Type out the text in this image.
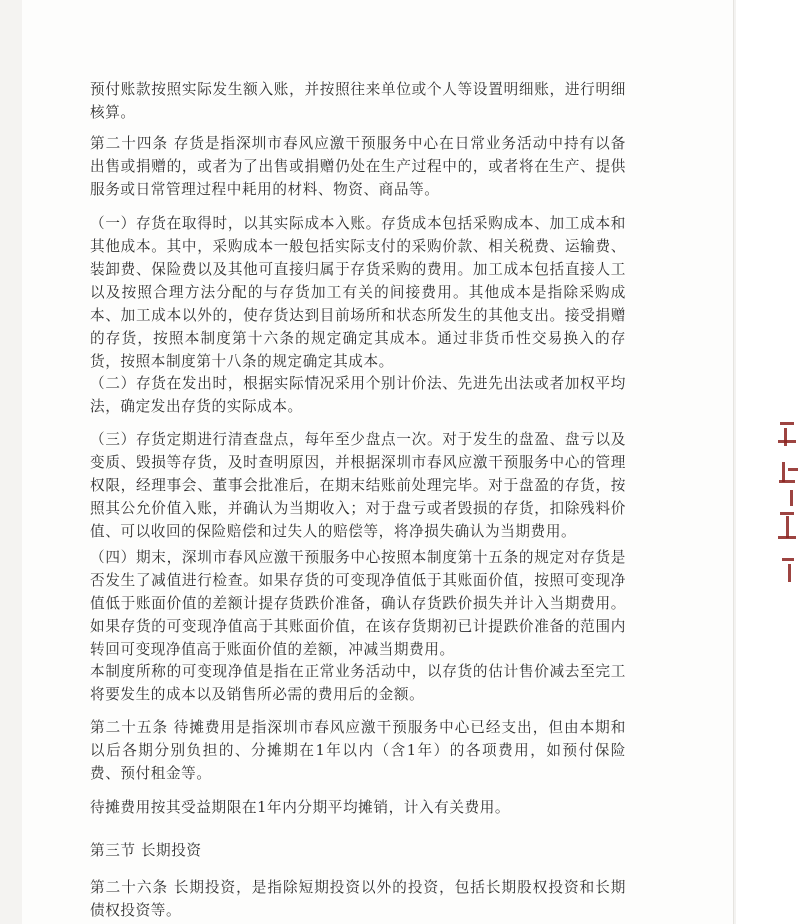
预付账款按照实际发生额入账，并按照往来单位或个人等设置明细账，进行明细核算。

第二十四条 存货是指深圳市春风应激干预服务中心在日常业务活动中持有以备出售或捐赠的，或者为了出售或捐赠仍处在生产过程中的，或者将在生产、提供服务或日常管理过程中耗用的材料、物资、商品等。

（一）存货在取得时，以其实际成本入账。存货成本包括采购成本、加工成本和其他成本。其中，采购成本一般包括实际支付的采购价款、相关税费、运输费、装卸费、保险费以及其他可直接归属于存货采购的费用。加工成本包括直接人工以及按照合理方法分配的与存货加工有关的间接费用。其他成本是指除采购成本、加工成本以外的，使存货达到目前场所和状态所发生的其他支出。接受捐赠的存货，按照本制度第十六条的规定确定其成本。通过非货币性交易换入的存货，按照本制度第十八条的规定确定其成本。

（二）存货在发出时，根据实际情况采用个别计价法、先进先出法或者加权平均法，确定发出存货的实际成本。

（三）存货定期进行清查盘点，每年至少盘点一次。对于发生的盘盈、盘亏以及变质、毁损等存货，及时查明原因，并根据深圳市春风应激干预服务中心的管理权限，经理事会、董事会批准后，在期末结账前处理完毕。对于盘盈的存货，按照其公允价值入账，并确认为当期收入；对于盘亏或者毁损的存货，扣除残料价值、可以收回的保险赔偿和过失人的赔偿等，将净损失确认为当期费用。

（四）期末，深圳市春风应激干预服务中心按照本制度第十五条的规定对存货是否发生了减值进行检查。如果存货的可变现净值低于其账面价值，按照可变现净值低于账面价值的差额计提存货跌价准备，确认存货跌价损失并计入当期费用。如果存货的可变现净值高于其账面价值，在该存货期初已计提跌价准备的范围内转回可变现净值高于账面价值的差额，冲减当期费用。

本制度所称的可变现净值是指在正常业务活动中，以存货的估计售价减去至完工将要发生的成本以及销售所必需的费用后的金额。

第二十五条 待摊费用是指深圳市春风应激干预服务中心已经支出，但由本期和以后各期分别负担的、分摊期在1年以内（含1年）的各项费用，如预付保险费、预付租金等。

待摊费用按其受益期限在1年内分期平均摊销，计入有关费用。

第三节 长期投资

第二十六条 长期投资，是指除短期投资以外的投资，包括长期股权投资和长期债权投资等。
